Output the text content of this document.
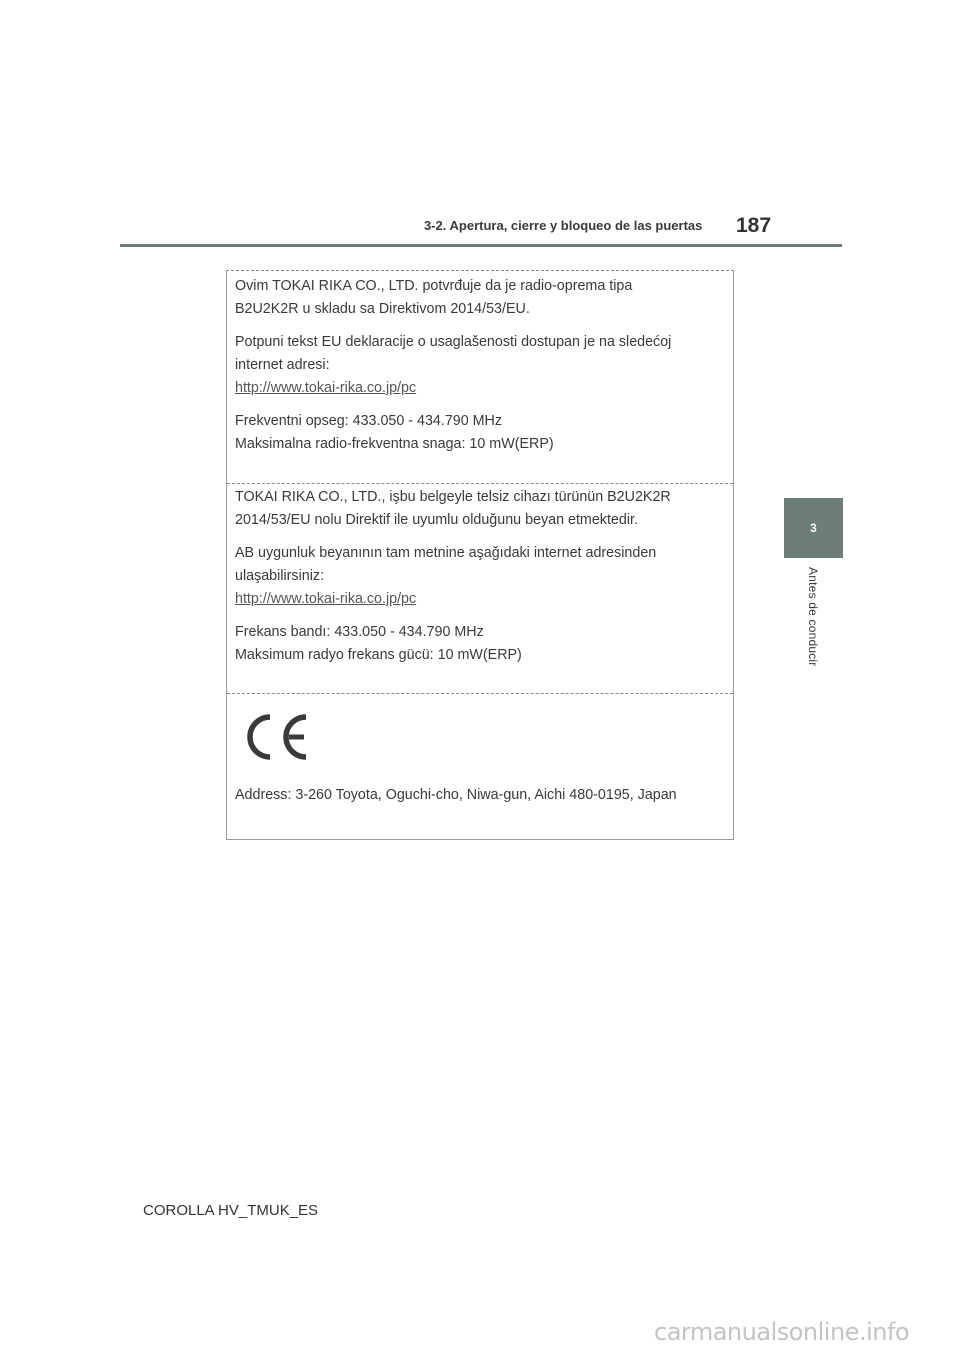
3-2. Apertura, cierre y bloqueo de las puertas 187
3
Antes de conducir

Ovim TOKAI RIKA CO., LTD. potvrđuje da je radio-oprema tipa

B2U2K2R u skladu sa Direktivom 2014/53/EU.

Potpuni tekst EU deklaracije o usaglašenosti dostupan je na sledećoj

internet adresi:

http://www.tokai-rika.co.jp/pc

Frekventni opseg: 433.050 - 434.790 MHz

Maksimalna radio-frekventna snaga: 10 mW(ERP)

TOKAI RIKA CO., LTD., işbu belgeyle telsiz cihazı türünün B2U2K2R

2014/53/EU nolu Direktif ile uyumlu olduğunu beyan etmektedir.

AB uygunluk beyanının tam metnine aşağıdaki internet adresinden

ulaşabilirsiniz:

http://www.tokai-rika.co.jp/pc

Frekans bandı: 433.050 - 434.790 MHz

Maksimum radyo frekans gücü: 10 mW(ERP)

Address: 3-260 Toyota, Oguchi-cho, Niwa-gun, Aichi 480-0195, Japan
COROLLA HV_TMUK_ES
carmanualsonline.info
